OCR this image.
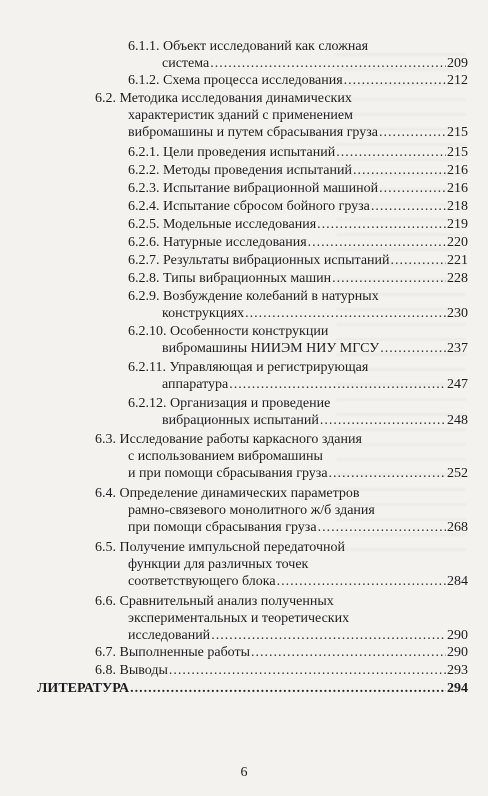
6.1.1. Объект исследований как сложная
система .....	209
6.1.2. Схема процесса исследования .....	212
6.2. Методика исследования динамических
характеристик зданий с применением
вибромашины и путем сбрасывания груза .....	215
6.2.1. Цели проведения испытаний .....	215
6.2.2. Методы проведения испытаний .....	216
6.2.3. Испытание вибрационной машиной .....	216
6.2.4. Испытание сбросом бойного груза .....	218
6.2.5. Модельные исследования .....	219
6.2.6. Натурные исследования .....	220
6.2.7. Результаты вибрационных испытаний .....	221
6.2.8. Типы вибрационных машин .....	228
6.2.9. Возбуждение колебаний в натурных
конструкциях .....	230
6.2.10. Особенности конструкции
вибромашины НИИЭМ НИУ МГСУ .....	237
6.2.11. Управляющая и регистрирующая
аппаратура .....	247
6.2.12. Организация и проведение
вибрационных испытаний .....	248
6.3. Исследование работы каркасного здания
с использованием вибромашины
и при помощи сбрасывания груза .....	252
6.4. Определение динамических параметров
рамно-связевого монолитного ж/б здания
при помощи сбрасывания груза .....	268
6.5. Получение импульсной передаточной
функции для различных точек
соответствующего блока .....	284
6.6. Сравнительный анализ полученных
экспериментальных и теоретических
исследований .....	290
6.7. Выполненные работы .....	290
6.8. Выводы .....	293
ЛИТЕРАТУРА .....	294
6
